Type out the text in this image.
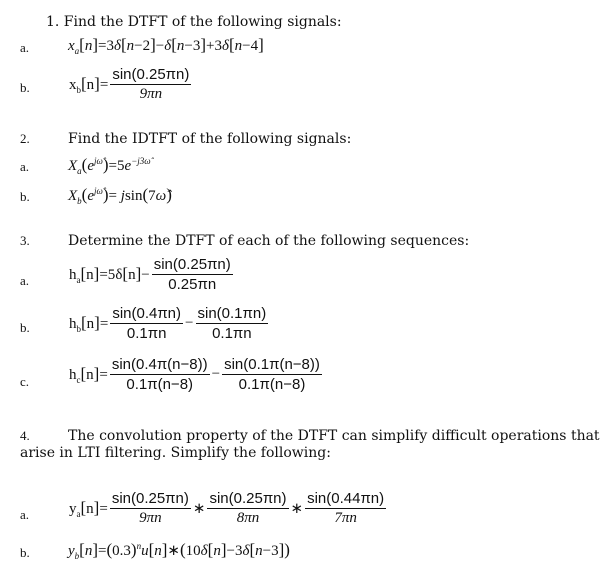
1. Find the DTFT of the following signals:
a.	$x_a[n]=3\delta[n-2]-\delta[n-3]+3\delta[n-4]$
b.	$x_b[n]= \frac{\sin(0.25\pi n)}{9\pi n}$
2.	Find the IDTFT of the following signals:
a.	$X_a(e^{j\omegâ})=5e^{-j3\omegâ}$
b.	$X_b(e^{j\omegâ})=$ jsin(7ω̂)
3.	Determine the DTFT of each of the following sequences:
a.	$h_a[n]=5\delta[n]- \frac{\sin(0.25\pi n)}{0.25\pi n}$
b.	$h_b[n]= \frac{\sin(0.4\pi n)}{0.1\pi n} - \frac{\sin(0.1\pi n)}{0.1\pi n}$
c.	$h_c[n]= \frac{\sin(0.4\pi(n-8))}{0.1\pi(n-8)} - \frac{\sin(0.1\pi(n-8))}{0.1\pi(n-8)}$
4.	The convolution property of the DTFT can simplify difficult operations that
arise in LTI filtering. Simplify the following:
a.	$y_a[n]= \frac{\sin(0.25\pi n)}{9\pi n}$ ∗ $\frac{\sin(0.25\pi n)}{8\pi n}$ ∗ $\frac{\sin(0.44\pi n)}{7\pi n}$
b.	$y_b[n]=(0.3)^nu[n]∗(10\delta[n]-3\delta[n-3])$
